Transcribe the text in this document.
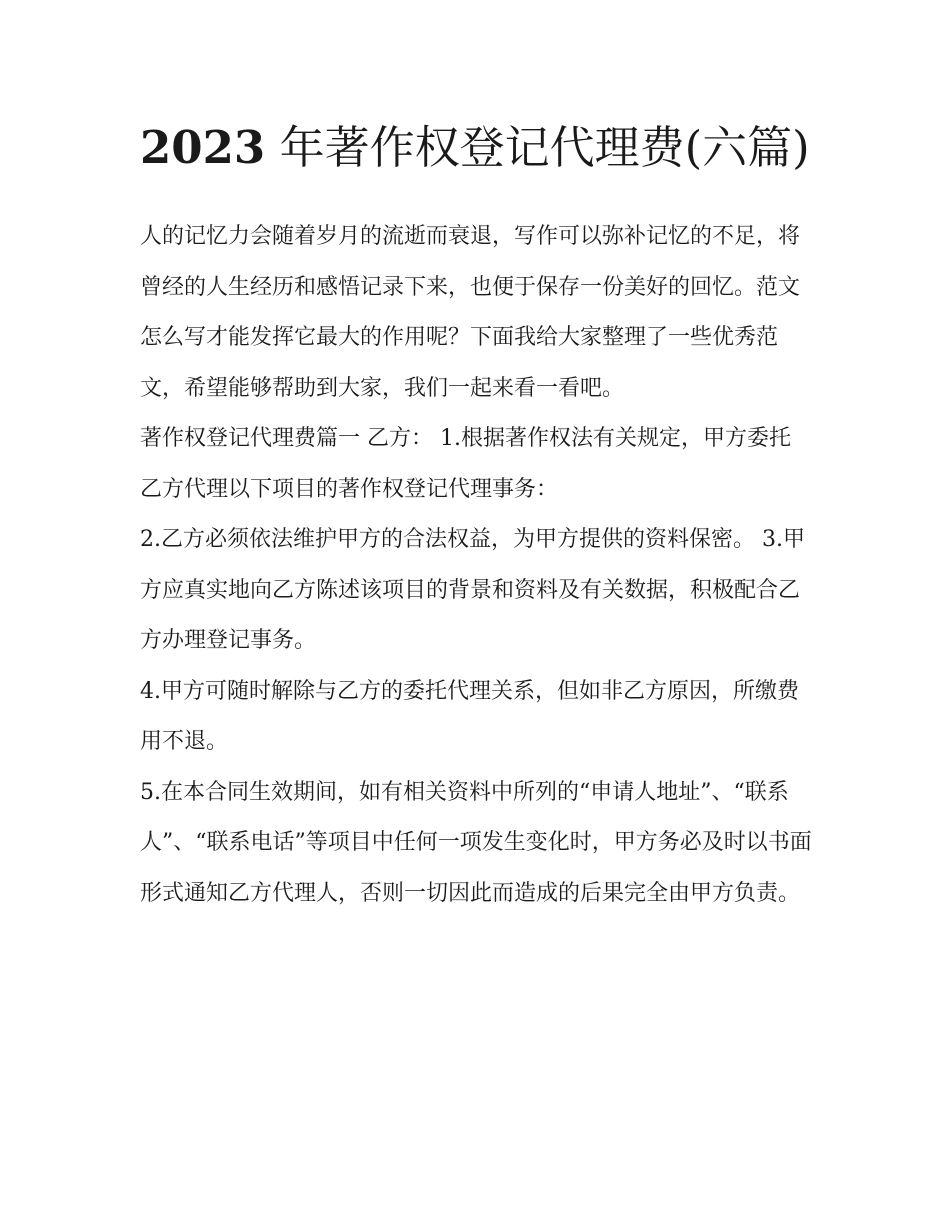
2023 年著作权登记代理费(六篇)

人的记忆力会随着岁月的流逝而衰退，写作可以弥补记忆的不足，将曾经的人生经历和感悟记录下来，也便于保存一份美好的回忆。范文怎么写才能发挥它最大的作用呢？下面我给大家整理了一些优秀范文，希望能够帮助到大家，我们一起来看一看吧。

著作权登记代理费篇一 乙方： 1.根据著作权法有关规定，甲方委托乙方代理以下项目的著作权登记代理事务：

2.乙方必须依法维护甲方的合法权益，为甲方提供的资料保密。 3.甲方应真实地向乙方陈述该项目的背景和资料及有关数据，积极配合乙方办理登记事务。

4.甲方可随时解除与乙方的委托代理关系，但如非乙方原因，所缴费用不退。

5.在本合同生效期间，如有相关资料中所列的“申请人地址”、“联系人”、“联系电话”等项目中任何一项发生变化时，甲方务必及时以书面形式通知乙方代理人，否则一切因此而造成的后果完全由甲方负责。
